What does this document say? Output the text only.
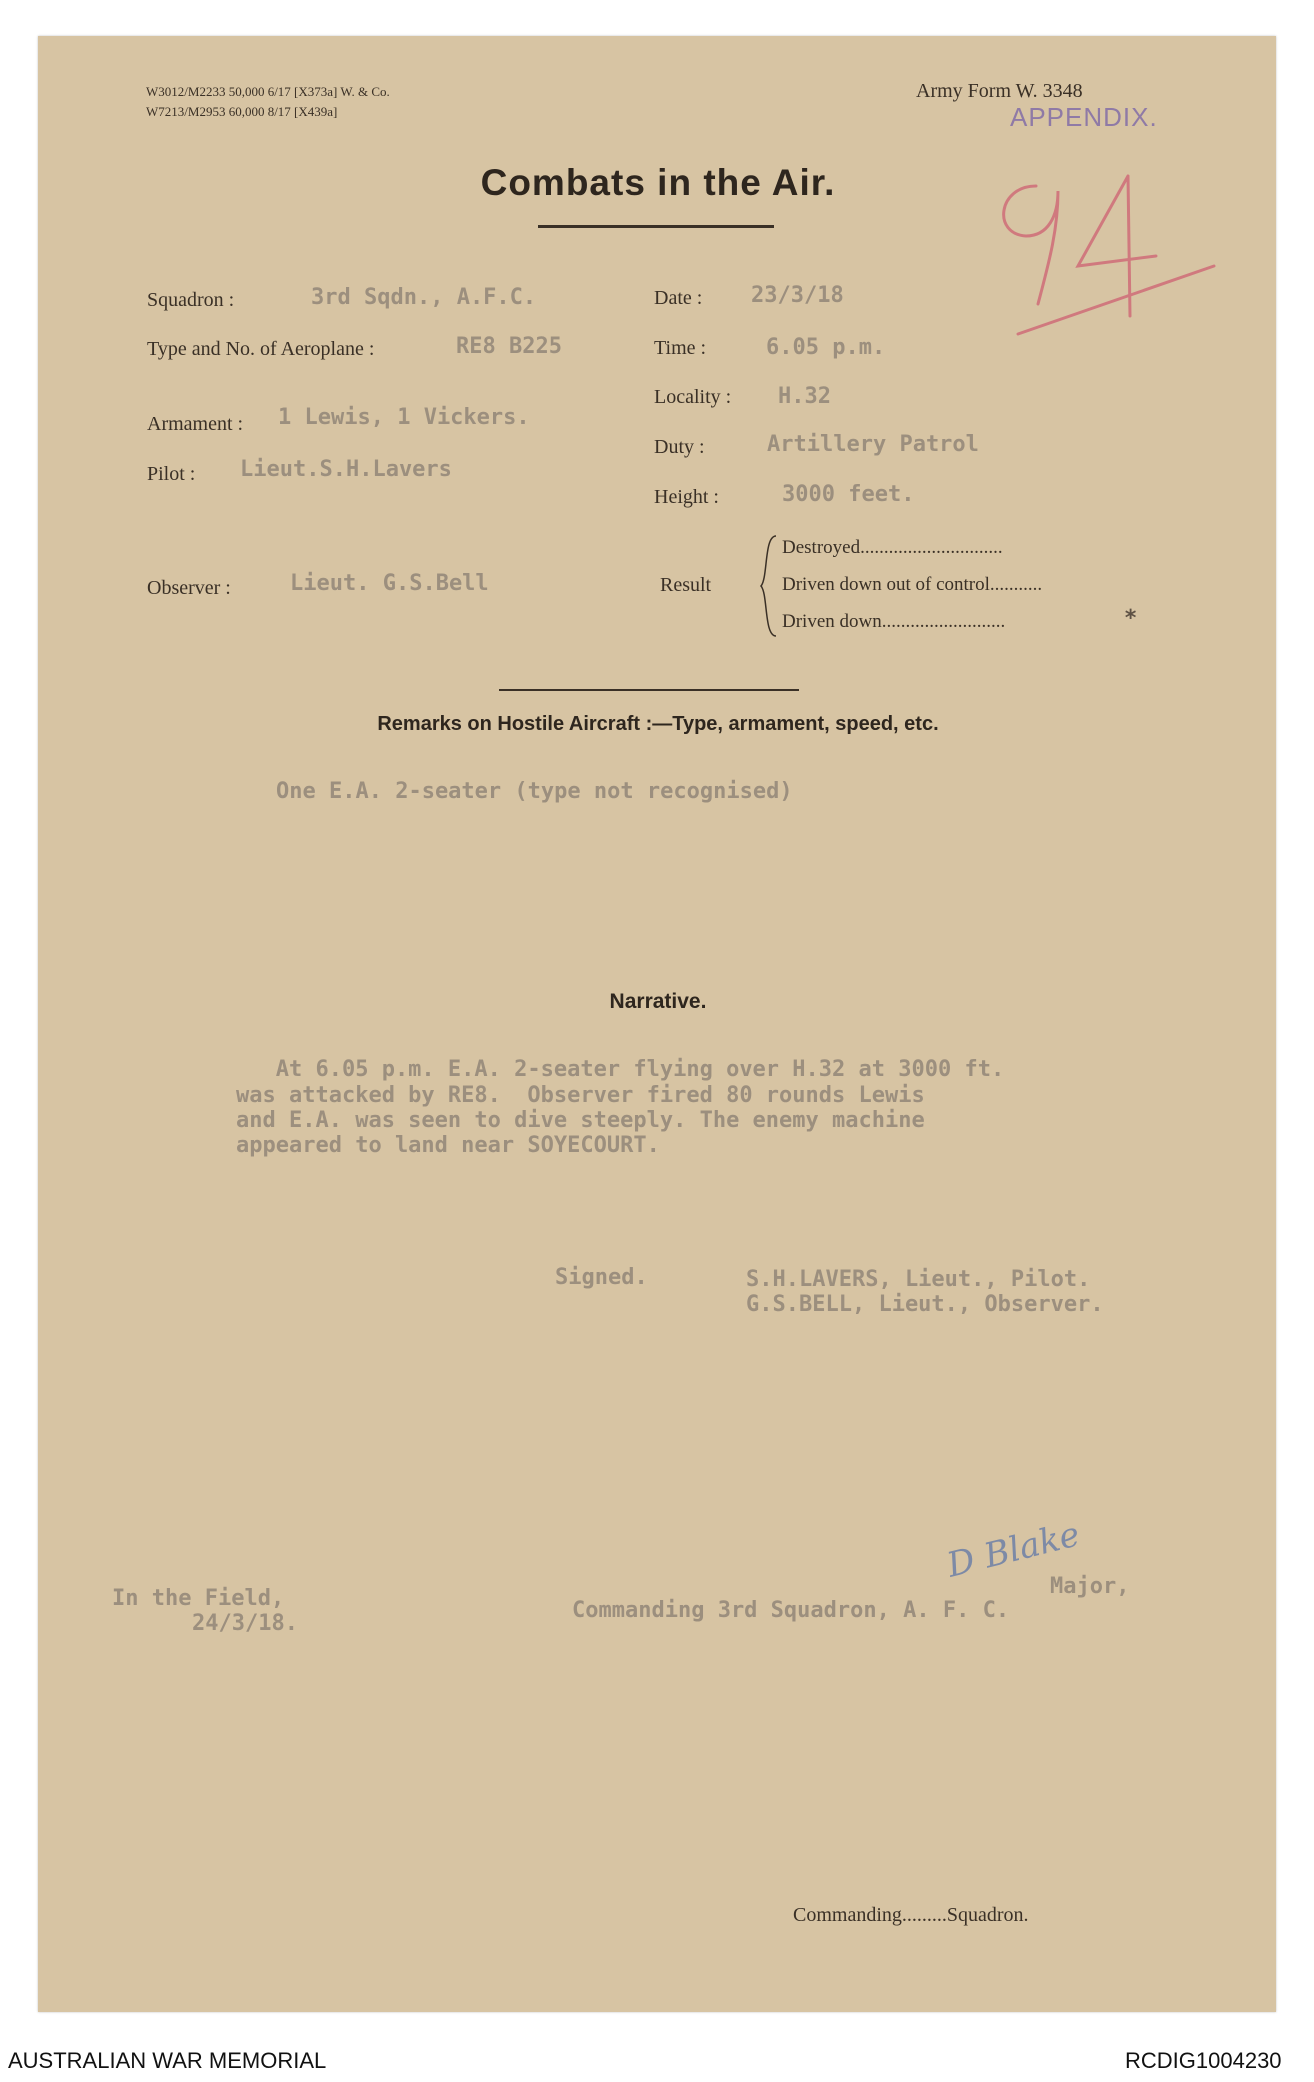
W3012/M2233 50,000 6/17 [X373a] W. & Co.
W7213/M2953 60,000 8/17 [X439a]
Army Form W. 3348
APPENDIX.
Combats in the Air.
Squadron :	3rd Sqdn., A.F.C.
Type and No. of Aeroplane :	RE8 B225
Armament : 1 Lewis, 1 Vickers.
Pilot : Lieut.S.H.Lavers
Observer :	Lieut. G.S.Bell
Date : 23/3/18
Time :	6.05 p.m.
Locality : H.32
Duty :	Artillery Patrol
Height :	3000 feet.
Result
Destroyed..............................
Driven down out of control...........
Driven down..........................	*
Remarks on Hostile Aircraft :—Type, armament, speed, etc.
One E.A. 2-seater (type not recognised)
Narrative.
At 6.05 p.m. E.A. 2-seater flying over H.32 at 3000 ft.
was attacked by RE8.  Observer fired 80 rounds Lewis
and E.A. was seen to dive steeply. The enemy machine
appeared to land near SOYECOURT.
Signed.	S.H.LAVERS, Lieut., Pilot.
G.S.BELL, Lieut., Observer.
In the Field,
24/3/18.
D Blake
Major,
Commanding 3rd Squadron, A. F. C.
Commanding.........Squadron.
AUSTRALIAN WAR MEMORIAL	RCDIG1004230
